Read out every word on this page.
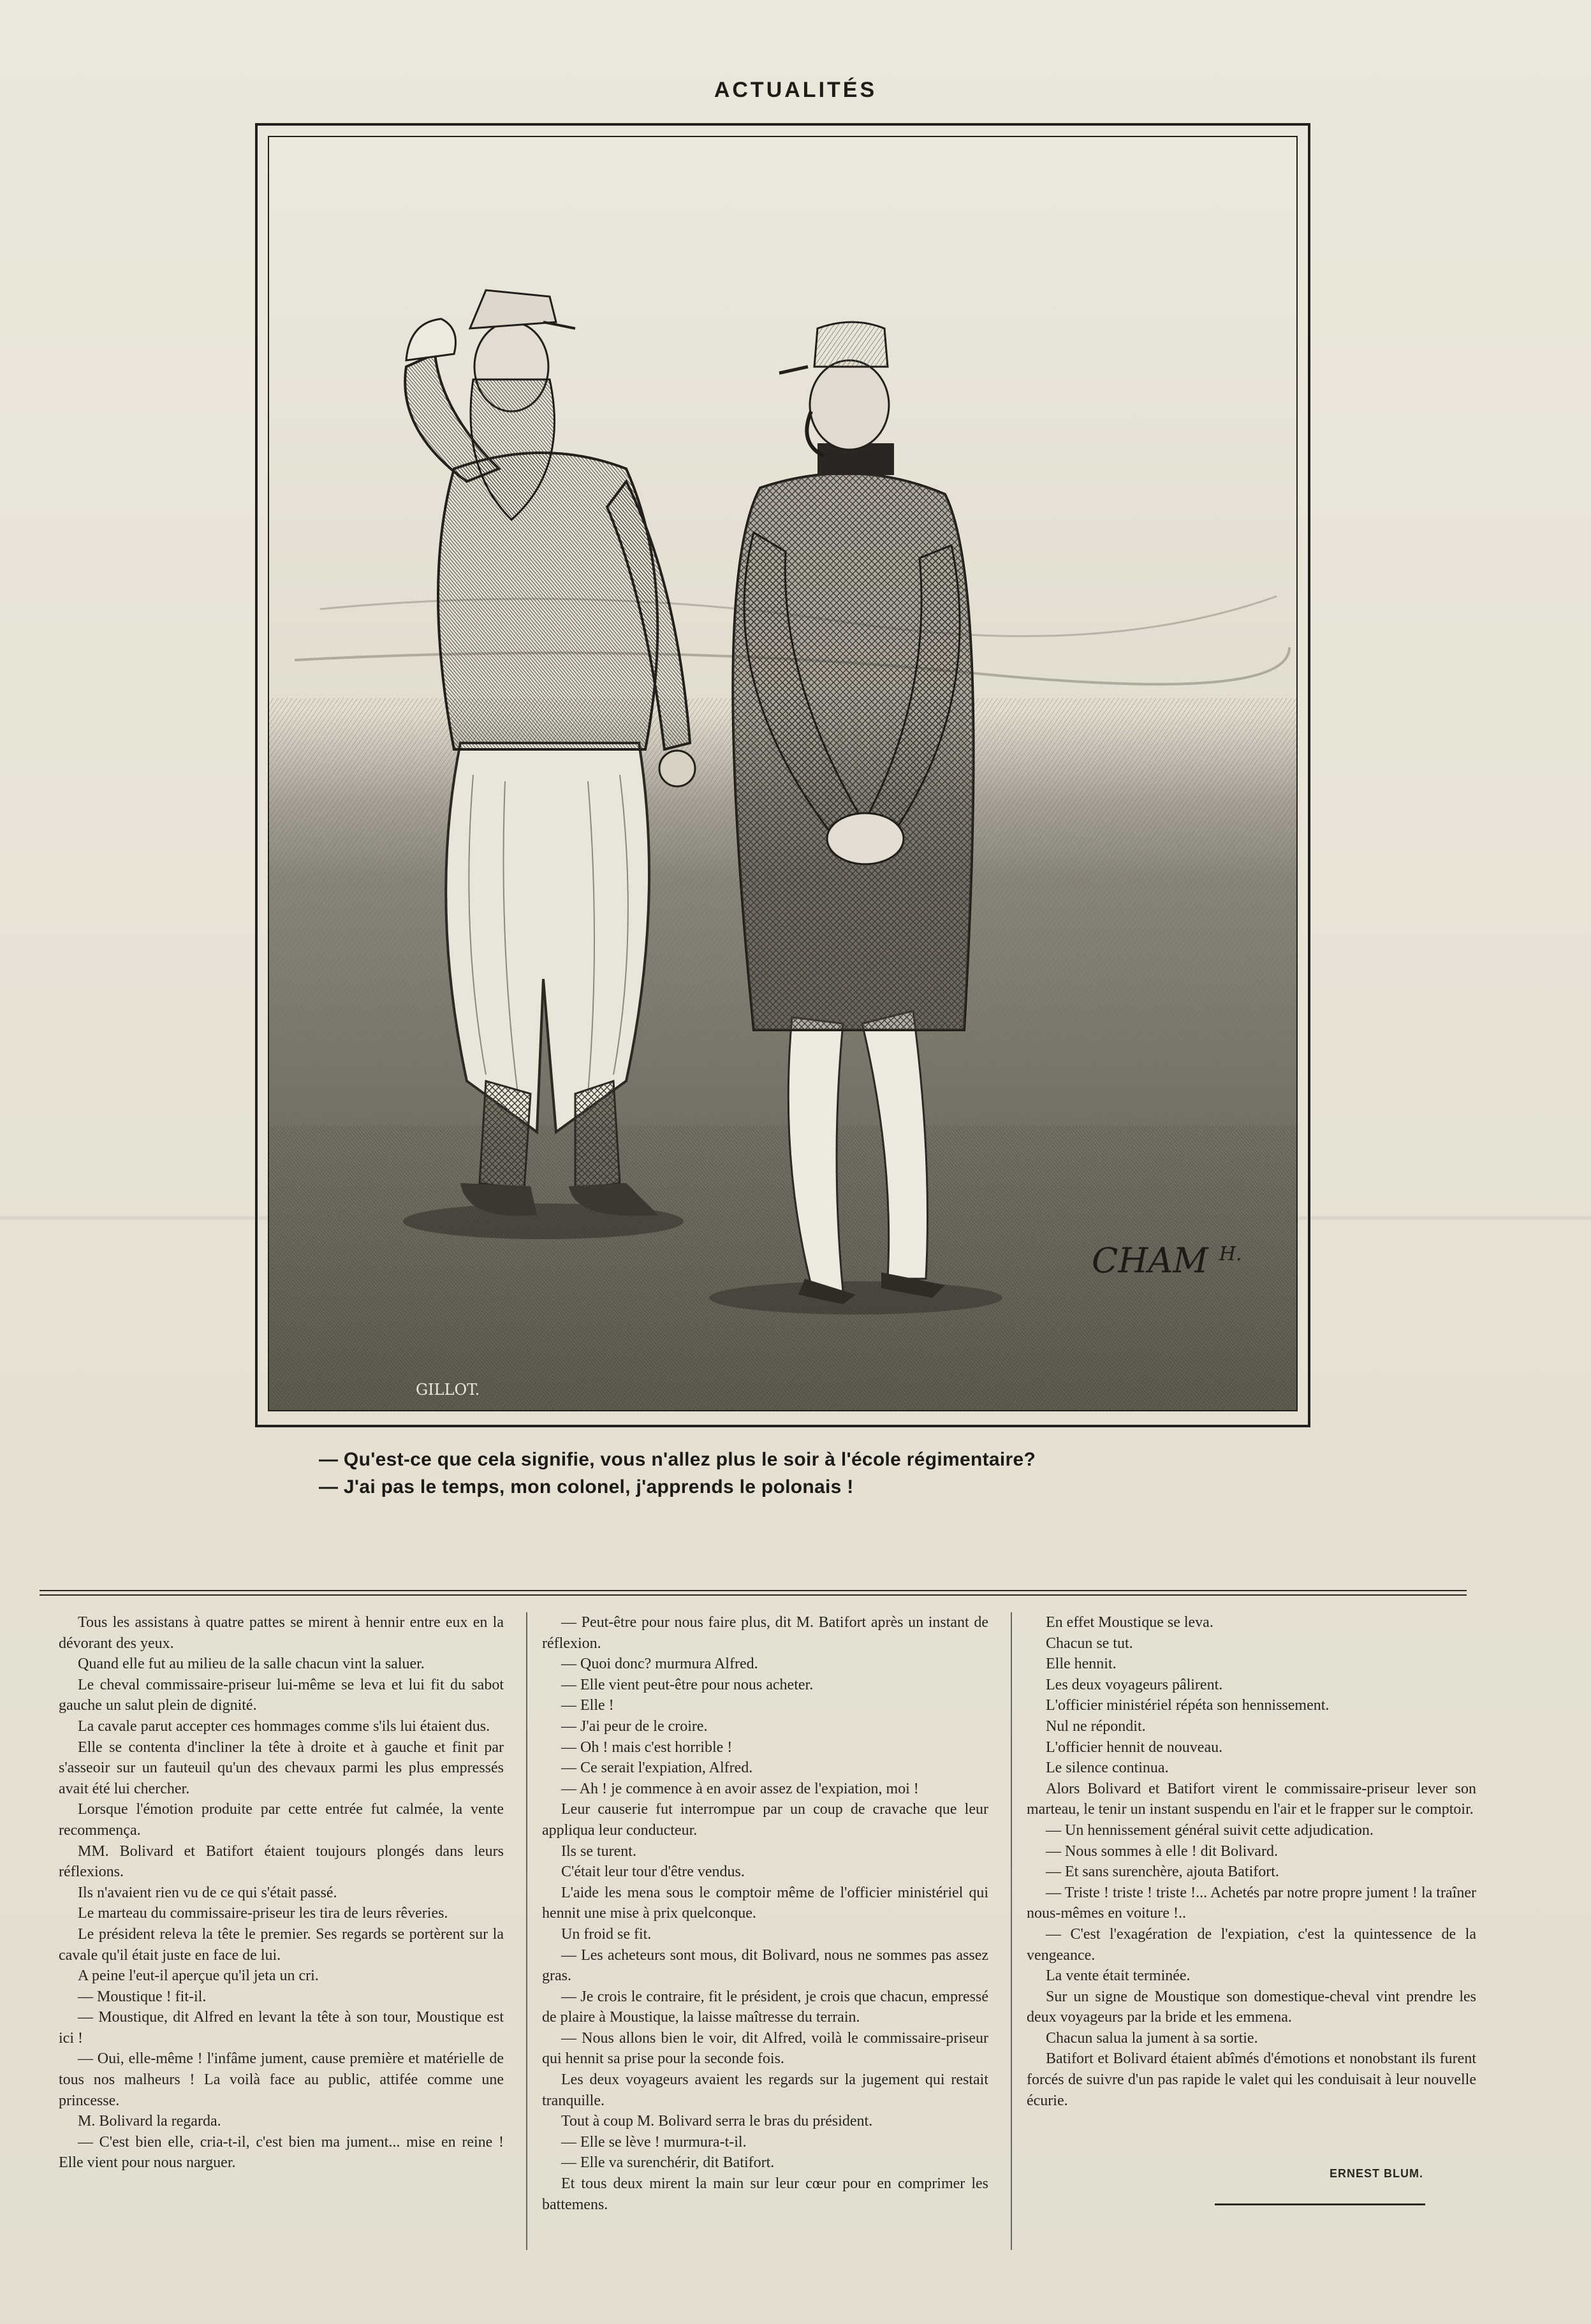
ACTUALITÉS
CHAM $^{H.}$
GILLOT.
— Qu'est-ce que cela signifie, vous n'allez plus le soir à l'école régimentaire?
— J'ai pas le temps, mon colonel, j'apprends le polonais !

Tous les assistans à quatre pattes se mirent à hennir entre eux en la dévorant des yeux.

Quand elle fut au milieu de la salle chacun vint la saluer.

Le cheval commissaire-priseur lui-même se leva et lui fit du sabot gauche un salut plein de dignité.

La cavale parut accepter ces hommages comme s'ils lui étaient dus.

Elle se contenta d'incliner la tête à droite et à gauche et finit par s'asseoir sur un fauteuil qu'un des chevaux parmi les plus empressés avait été lui chercher.

Lorsque l'émotion produite par cette entrée fut calmée, la vente recommença.

MM. Bolivard et Batifort étaient toujours plongés dans leurs réflexions.

Ils n'avaient rien vu de ce qui s'était passé.

Le marteau du commissaire-priseur les tira de leurs rêveries.

Le président releva la tête le premier. Ses regards se portèrent sur la cavale qu'il était juste en face de lui.

A peine l'eut-il aperçue qu'il jeta un cri.

— Moustique ! fit-il.

— Moustique, dit Alfred en levant la tête à son tour, Moustique est ici !

— Oui, elle-même ! l'infâme jument, cause première et matérielle de tous nos malheurs ! La voilà face au public, attifée comme une princesse.

M. Bolivard la regarda.

— C'est bien elle, cria-t-il, c'est bien ma jument... mise en reine ! Elle vient pour nous narguer.

— Peut-être pour nous faire plus, dit M. Batifort après un instant de réflexion.

— Quoi donc? murmura Alfred.

— Elle vient peut-être pour nous acheter.

— Elle !

— J'ai peur de le croire.

— Oh ! mais c'est horrible !

— Ce serait l'expiation, Alfred.

— Ah ! je commence à en avoir assez de l'expiation, moi !

Leur causerie fut interrompue par un coup de cravache que leur appliqua leur conducteur.

Ils se turent.

C'était leur tour d'être vendus.

L'aide les mena sous le comptoir même de l'officier ministériel qui hennit une mise à prix quelconque.

Un froid se fit.

— Les acheteurs sont mous, dit Bolivard, nous ne sommes pas assez gras.

— Je crois le contraire, fit le président, je crois que chacun, empressé de plaire à Moustique, la laisse maîtresse du terrain.

— Nous allons bien le voir, dit Alfred, voilà le commissaire-priseur qui hennit sa prise pour la seconde fois.

Les deux voyageurs avaient les regards sur la jugement qui restait tranquille.

Tout à coup M. Bolivard serra le bras du président.

— Elle se lève ! murmura-t-il.

— Elle va surenchérir, dit Batifort.

Et tous deux mirent la main sur leur cœur pour en comprimer les battemens.

En effet Moustique se leva.

Chacun se tut.

Elle hennit.

Les deux voyageurs pâlirent.

L'officier ministériel répéta son hennissement.

Nul ne répondit.

L'officier hennit de nouveau.

Le silence continua.

Alors Bolivard et Batifort virent le commissaire-priseur lever son marteau, le tenir un instant suspendu en l'air et le frapper sur le comptoir.

— Un hennissement général suivit cette adjudication.

— Nous sommes à elle ! dit Bolivard.

— Et sans surenchère, ajouta Batifort.

— Triste ! triste ! triste !... Achetés par notre propre jument ! la traîner nous-mêmes en voiture !..

— C'est l'exagération de l'expiation, c'est la quintessence de la vengeance.

La vente était terminée.

Sur un signe de Moustique son domestique-cheval vint prendre les deux voyageurs par la bride et les emmena.

Chacun salua la jument à sa sortie.

Batifort et Bolivard étaient abîmés d'émotions et nonobstant ils furent forcés de suivre d'un pas rapide le valet qui les conduisait à leur nouvelle écurie.

ERNEST BLUM.
